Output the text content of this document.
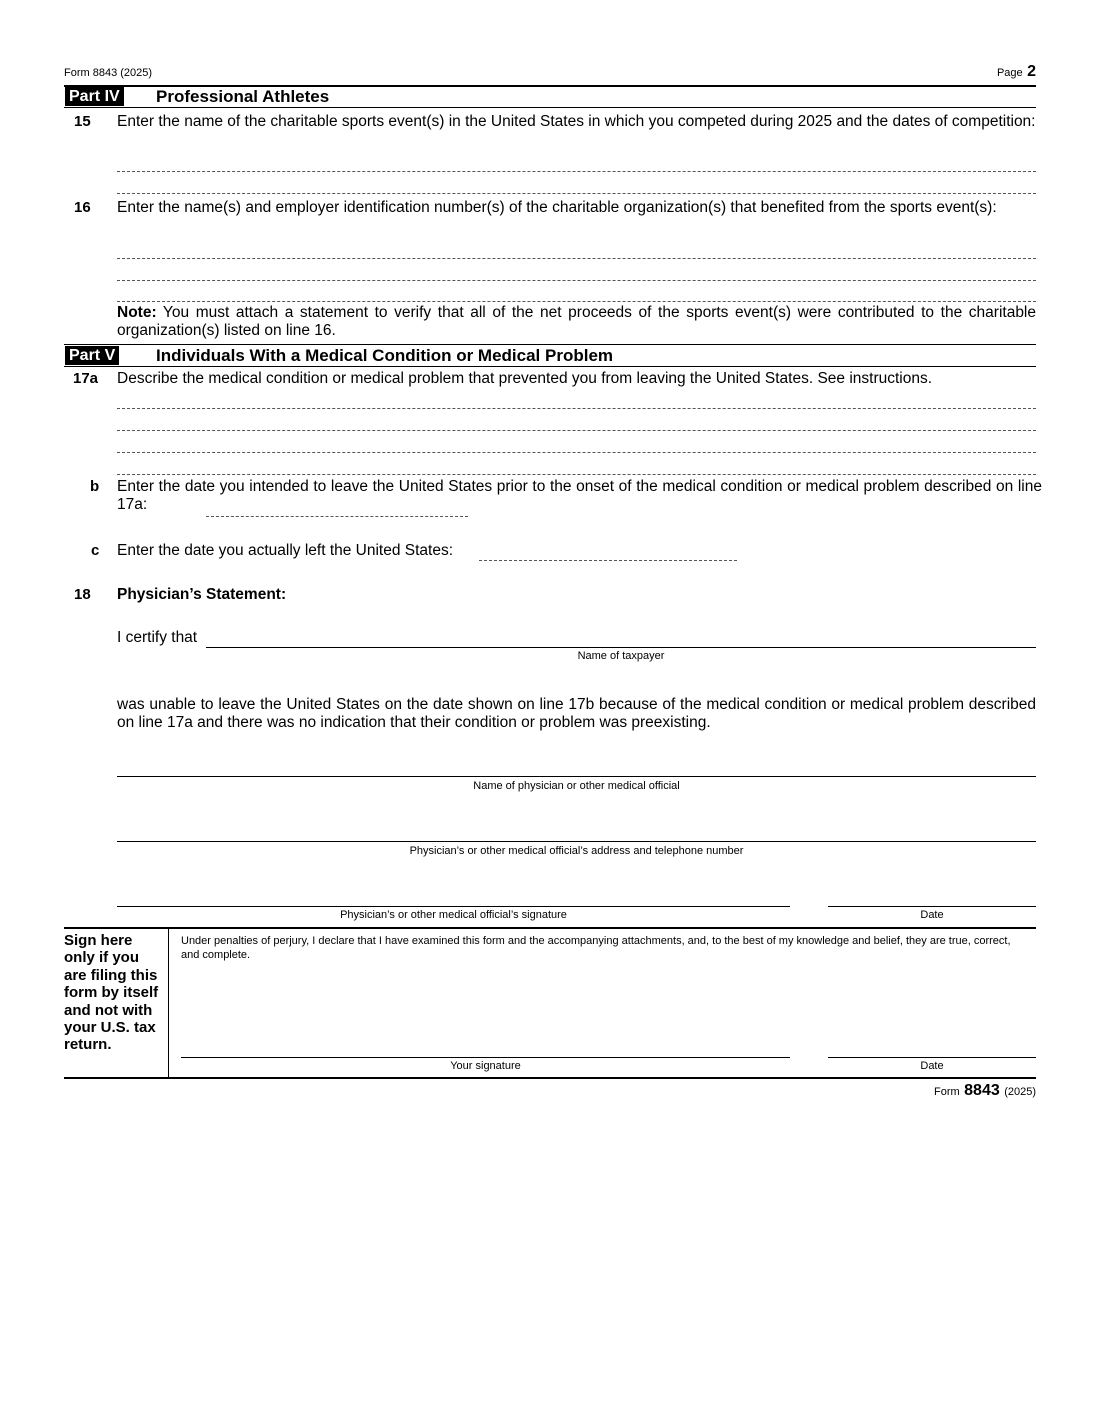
Form 8843 (2025)	Page 2
Part IV Professional Athletes
15 Enter the name of the charitable sports event(s) in the United States in which you competed during 2025 and the dates of competition:
16 Enter the name(s) and employer identification number(s) of the charitable organization(s) that benefited from the sports event(s):
Note: You must attach a statement to verify that all of the net proceeds of the sports event(s) were contributed to the charitable organization(s) listed on line 16.
Part V Individuals With a Medical Condition or Medical Problem
17a Describe the medical condition or medical problem that prevented you from leaving the United States. See instructions.
b Enter the date you intended to leave the United States prior to the onset of the medical condition or medical problem described on line 17a:
c Enter the date you actually left the United States:
18 Physician’s Statement:
I certify that
Name of taxpayer
was unable to leave the United States on the date shown on line 17b because of the medical condition or medical problem described on line 17a and there was no indication that their condition or problem was preexisting.
Name of physician or other medical official
Physician’s or other medical official’s address and telephone number
Physician’s or other medical official’s signature	Date
Sign here only if you are filing this form by itself and not with your U.S. tax return.
Under penalties of perjury, I declare that I have examined this form and the accompanying attachments, and, to the best of my knowledge and belief, they are true, correct, and complete.
Your signature	Date
Form 8843 (2025)
